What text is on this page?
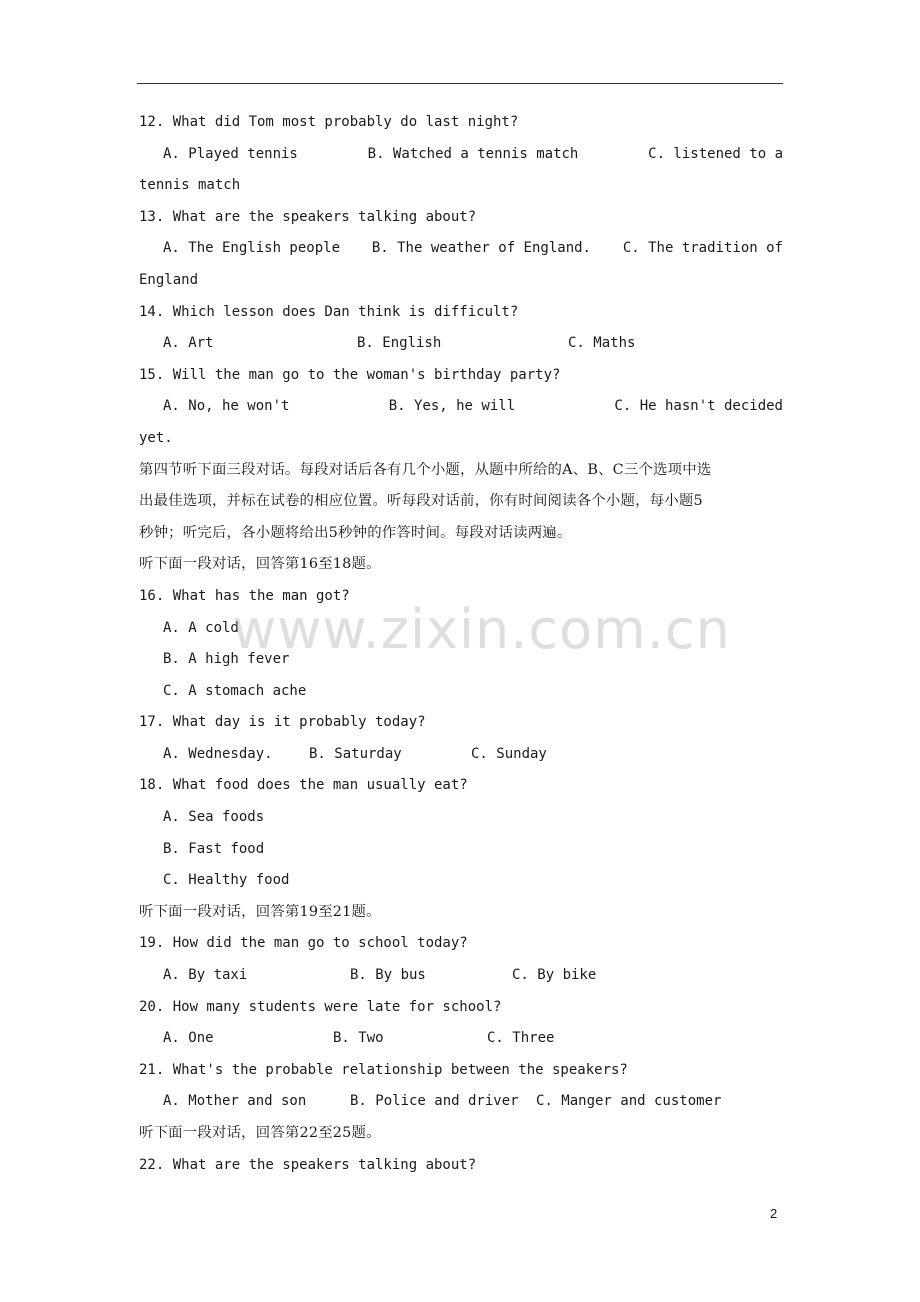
12. What did Tom most probably do last night?
A. Played tennis	B. Watched a tennis match	C. listened to a
tennis match
13. What are the speakers talking about?
A. The English people B. The weather of England. C. The tradition of
England
14. Which lesson does Dan think is difficult?
A. Art	B. English	C. Maths
15. Will the man go to the woman's birthday party?
A. No, he won't	B. Yes, he will	C. He hasn't decided
yet.
第四节听下面三段对话。每段对话后各有几个小题，从题中所给的A、B、C三个选项中选
出最佳选项，并标在试卷的相应位置。听每段对话前，你有时间阅读各个小题，每小题5
秒钟；听完后，各小题将给出5秒钟的作答时间。每段对话读两遍。
听下面一段对话，回答第16至18题。
16. What has the man got?
A. A cold
B. A high fever
C. A stomach ache
17. What day is it probably today?
A. Wednesday.	B. Saturday	C. Sunday
18. What food does the man usually eat?
A. Sea foods
B. Fast food
C. Healthy food
听下面一段对话，回答第19至21题。
19. How did the man go to school today?
A. By taxi	B. By bus	C. By bike
20. How many students were late for school?
A. One	B. Two	C. Three
21. What's the probable relationship between the speakers?
A. Mother and son	B. Police and driver	C. Manger and customer
听下面一段对话，回答第22至25题。
22. What are the speakers talking about?
www.zixin.com.cn
2
